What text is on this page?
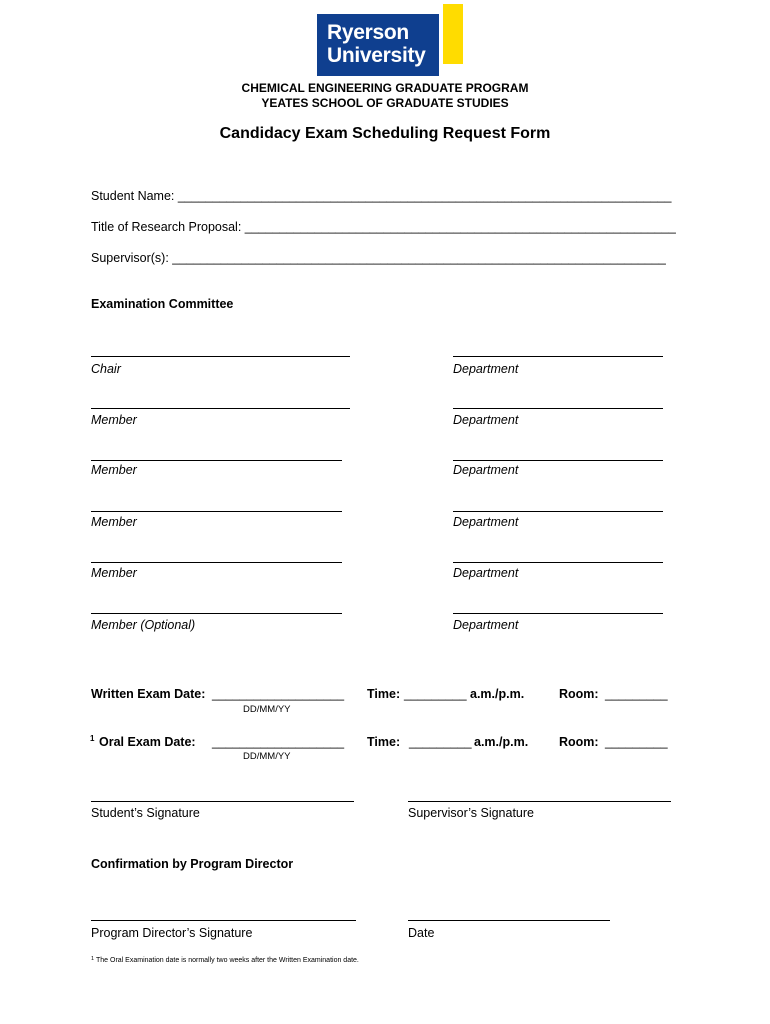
Ryerson
University
CHEMICAL ENGINEERING GRADUATE PROGRAM
YEATES SCHOOL OF GRADUATE STUDIES
Candidacy Exam Scheduling Request Form
Student Name: _______________________________________________________________________
Title of Research Proposal: ______________________________________________________________
Supervisor(s): _______________________________________________________________________
Examination Committee
Chair	Department
Member	Department
Member	Department
Member	Department
Member	Department
Member (Optional)	Department
Written Exam Date: ___________________
DD/MM/YY
Time: _________ a.m./p.m.	Room: _________
1 Oral Exam Date: ___________________
DD/MM/YY
Time: _________ a.m./p.m. Room: _________
Student’s Signature	Supervisor’s Signature
Confirmation by Program Director
Program Director’s Signature	Date
1 The Oral Examination date is normally two weeks after the Written Examination date.
